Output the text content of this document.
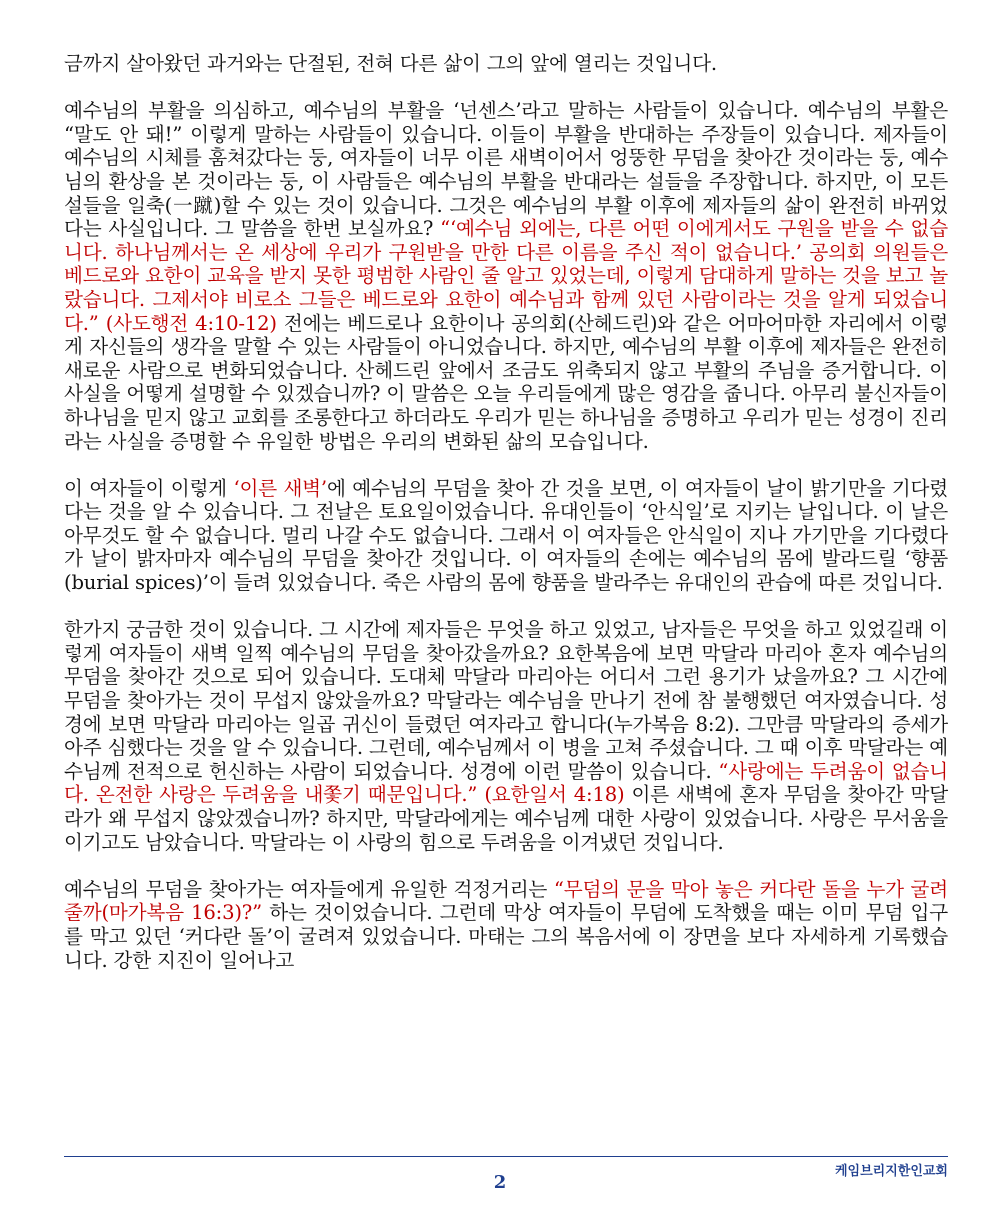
금까지 살아왔던 과거와는 단절된, 전혀 다른 삶이 그의 앞에 열리는 것입니다.

예수님의 부활을 의심하고, 예수님의 부활을 ‘넌센스’라고 말하는 사람들이 있습니다. 예수님의 부활은 “말도 안 돼!” 이렇게 말하는 사람들이 있습니다. 이들이 부활을 반대하는 주장들이 있습니다. 제자들이 예수님의 시체를 훔쳐갔다는 둥, 여자들이 너무 이른 새벽이어서 엉뚱한 무덤을 찾아간 것이라는 둥, 예수님의 환상을 본 것이라는 둥, 이 사람들은 예수님의 부활을 반대라는 설들을 주장합니다. 하지만, 이 모든 설들을 일축(一蹴)할 수 있는 것이 있습니다. 그것은 예수님의 부활 이후에 제자들의 삶이 완전히 바뀌었다는 사실입니다. 그 말씀을 한번 보실까요? “‘예수님 외에는, 다른 어떤 이에게서도 구원을 받을 수 없습니다. 하나님께서는 온 세상에 우리가 구원받을 만한 다른 이름을 주신 적이 없습니다.’ 공의회 의원들은 베드로와 요한이 교육을 받지 못한 평범한 사람인 줄 알고 있었는데, 이렇게 담대하게 말하는 것을 보고 놀랐습니다. 그제서야 비로소 그들은 베드로와 요한이 예수님과 함께 있던 사람이라는 것을 알게 되었습니다.” (사도행전 4:10-12) 전에는 베드로나 요한이나 공의회(산헤드린)와 같은 어마어마한 자리에서 이렇게 자신들의 생각을 말할 수 있는 사람들이 아니었습니다. 하지만, 예수님의 부활 이후에 제자들은 완전히 새로운 사람으로 변화되었습니다. 산헤드린 앞에서 조금도 위축되지 않고 부활의 주님을 증거합니다. 이 사실을 어떻게 설명할 수 있겠습니까? 이 말씀은 오늘 우리들에게 많은 영감을 줍니다. 아무리 불신자들이 하나님을 믿지 않고 교회를 조롱한다고 하더라도 우리가 믿는 하나님을 증명하고 우리가 믿는 성경이 진리라는 사실을 증명할 수 유일한 방법은 우리의 변화된 삶의 모습입니다.

이 여자들이 이렇게 ‘이른 새벽’에 예수님의 무덤을 찾아 간 것을 보면, 이 여자들이 날이 밝기만을 기다렸다는 것을 알 수 있습니다. 그 전날은 토요일이었습니다. 유대인들이 ‘안식일’로 지키는 날입니다. 이 날은 아무것도 할 수 없습니다. 멀리 나갈 수도 없습니다. 그래서 이 여자들은 안식일이 지나 가기만을 기다렸다가 날이 밝자마자 예수님의 무덤을 찾아간 것입니다. 이 여자들의 손에는 예수님의 몸에 발라드릴 ‘향품(burial spices)’이 들려 있었습니다. 죽은 사람의 몸에 향품을 발라주는 유대인의 관습에 따른 것입니다.

한가지 궁금한 것이 있습니다. 그 시간에 제자들은 무엇을 하고 있었고, 남자들은 무엇을 하고 있었길래 이렇게 여자들이 새벽 일찍 예수님의 무덤을 찾아갔을까요? 요한복음에 보면 막달라 마리아 혼자 예수님의 무덤을 찾아간 것으로 되어 있습니다. 도대체 막달라 마리아는 어디서 그런 용기가 났을까요? 그 시간에 무덤을 찾아가는 것이 무섭지 않았을까요? 막달라는 예수님을 만나기 전에 참 불행했던 여자였습니다. 성경에 보면 막달라 마리아는 일곱 귀신이 들렸던 여자라고 합니다(누가복음 8:2). 그만큼 막달라의 증세가 아주 심했다는 것을 알 수 있습니다. 그런데, 예수님께서 이 병을 고쳐 주셨습니다. 그 때 이후 막달라는 예수님께 전적으로 헌신하는 사람이 되었습니다. 성경에 이런 말씀이 있습니다. “사랑에는 두려움이 없습니다. 온전한 사랑은 두려움을 내쫓기 때문입니다.” (요한일서 4:18) 이른 새벽에 혼자 무덤을 찾아간 막달라가 왜 무섭지 않았겠습니까? 하지만, 막달라에게는 예수님께 대한 사랑이 있었습니다. 사랑은 무서움을 이기고도 남았습니다. 막달라는 이 사랑의 힘으로 두려움을 이겨냈던 것입니다.

예수님의 무덤을 찾아가는 여자들에게 유일한 걱정거리는 “무덤의 문을 막아 놓은 커다란 돌을 누가 굴려줄까(마가복음 16:3)?” 하는 것이었습니다. 그런데 막상 여자들이 무덤에 도착했을 때는 이미 무덤 입구를 막고 있던 ‘커다란 돌’이 굴려져 있었습니다. 마태는 그의 복음서에 이 장면을 보다 자세하게 기록했습니다. 강한 지진이 일어나고

케임브리지한인교회
2
